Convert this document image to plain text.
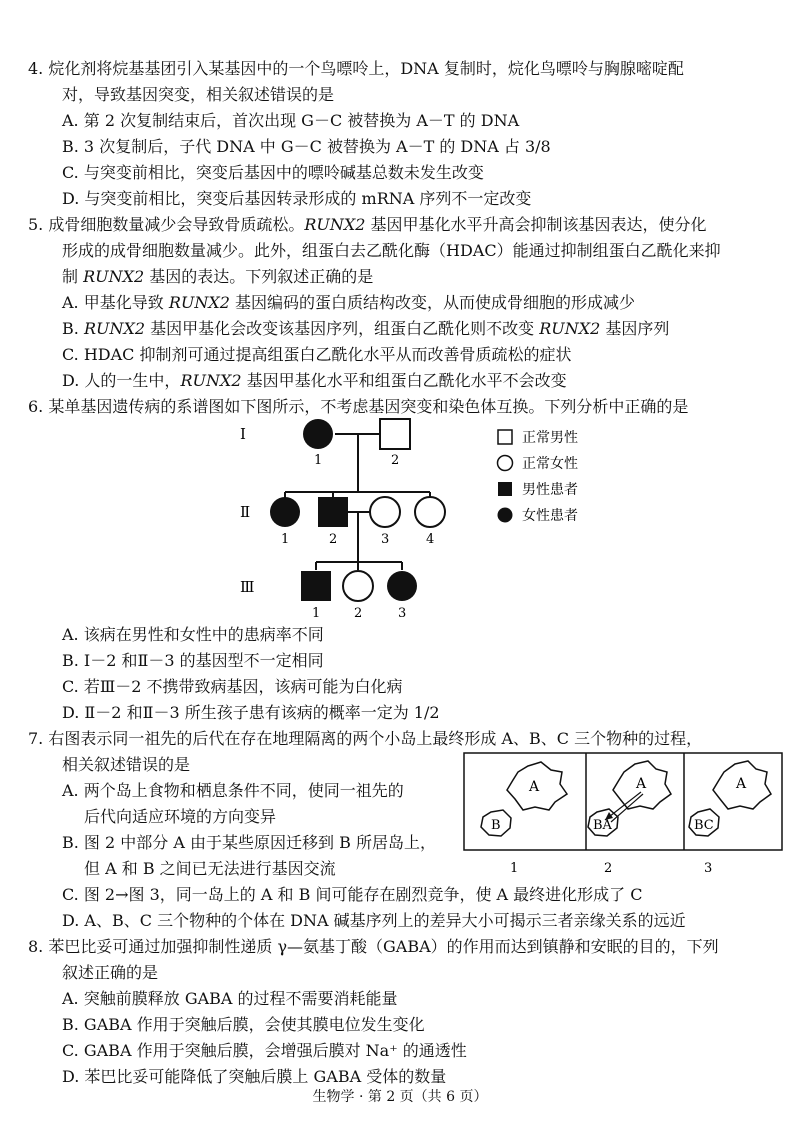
4. 烷化剂将烷基基团引入某基因中的一个鸟嘌呤上，DNA 复制时，烷化鸟嘌呤与胸腺嘧啶配
对，导致基因突变，相关叙述错误的是
A. 第 2 次复制结束后，首次出现 G－C 被替换为 A－T 的 DNA
B. 3 次复制后，子代 DNA 中 G－C 被替换为 A－T 的 DNA 占 3/8
C. 与突变前相比，突变后基因中的嘌呤碱基总数未发生改变
D. 与突变前相比，突变后基因转录形成的 mRNA 序列不一定改变
5. 成骨细胞数量减少会导致骨质疏松。RUNX2 基因甲基化水平升高会抑制该基因表达，使分化
形成的成骨细胞数量减少。此外，组蛋白去乙酰化酶（HDAC）能通过抑制组蛋白乙酰化来抑
制 RUNX2 基因的表达。下列叙述正确的是
A. 甲基化导致 RUNX2 基因编码的蛋白质结构改变，从而使成骨细胞的形成减少
B. RUNX2 基因甲基化会改变该基因序列，组蛋白乙酰化则不改变 RUNX2 基因序列
C. HDAC 抑制剂可通过提高组蛋白乙酰化水平从而改善骨质疏松的症状
D. 人的一生中，RUNX2 基因甲基化水平和组蛋白乙酰化水平不会改变
6. 某单基因遗传病的系谱图如下图所示，不考虑基因突变和染色体互换。下列分析中正确的是
Ⅰ
Ⅱ
Ⅲ
1	2
1	2	3	4
1	2	3
正常男性
正常女性
男性患者
女性患者
A. 该病在男性和女性中的患病率不同
B. Ⅰ－2 和Ⅱ－3 的基因型不一定相同
C. 若Ⅲ－2 不携带致病基因，该病可能为白化病
D. Ⅱ－2 和Ⅱ－3 所生孩子患有该病的概率一定为 1/2
7. 右图表示同一祖先的后代在存在地理隔离的两个小岛上最终形成 A、B、C 三个物种的过程，
相关叙述错误的是
A. 两个岛上食物和栖息条件不同，使同一祖先的
后代向适应环境的方向变异
B. 图 2 中部分 A 由于某些原因迁移到 B 所居岛上，
但 A 和 B 之间已无法进行基因交流
A
B
A
BA
A
BC
1	2	3
C. 图 2→图 3，同一岛上的 A 和 B 间可能存在剧烈竞争，使 A 最终进化形成了 C
D. A、B、C 三个物种的个体在 DNA 碱基序列上的差异大小可揭示三者亲缘关系的远近
8. 苯巴比妥可通过加强抑制性递质 γ—氨基丁酸（GABA）的作用而达到镇静和安眠的目的，下列
叙述正确的是
A. 突触前膜释放 GABA 的过程不需要消耗能量
B. GABA 作用于突触后膜，会使其膜电位发生变化
C. GABA 作用于突触后膜，会增强后膜对 Na⁺ 的通透性
D. 苯巴比妥可能降低了突触后膜上 GABA 受体的数量
生物学 · 第 2 页（共 6 页）
